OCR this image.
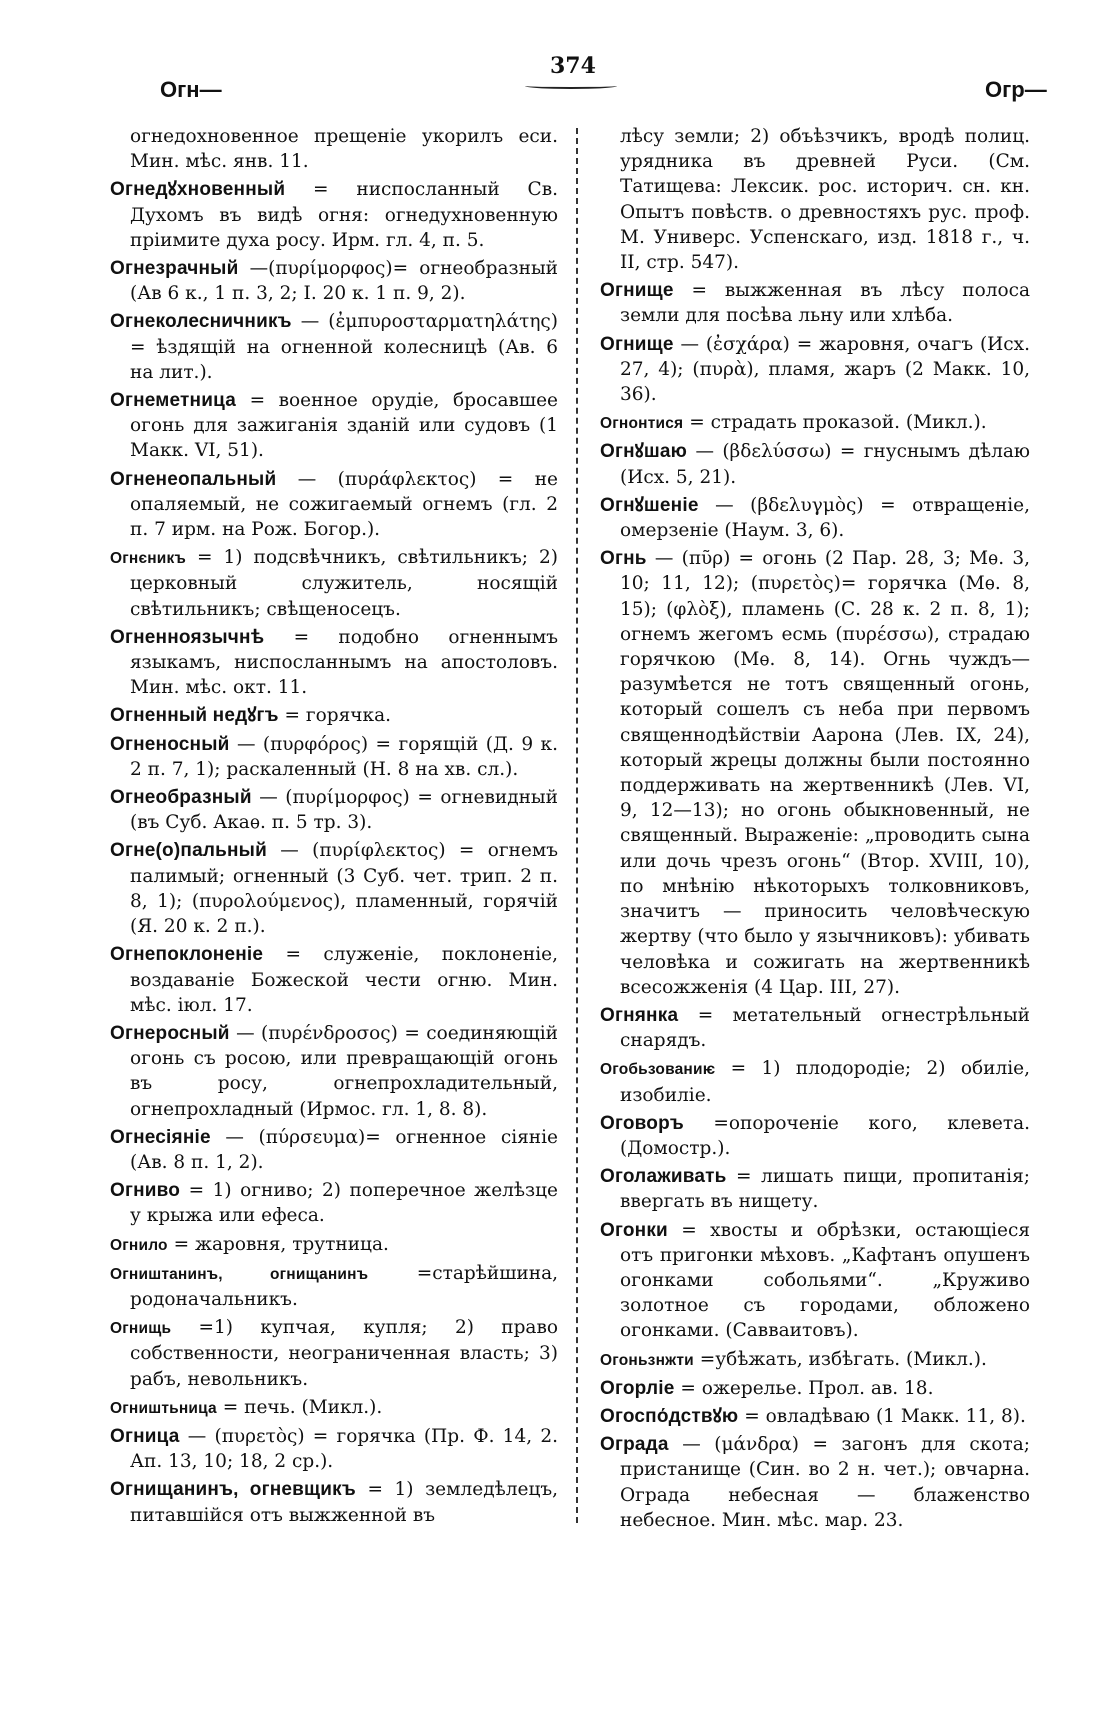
Огн—
374
Огр—

огнедохновенное прещеніе укорилъ еси. Мин. мѣс. янв. 11.

Огнедꙋхновенный = ниспосланный Св. Духомъ въ видѣ огня: огнедухновенную пріимите духа росу. Ирм. гл. 4, п. 5.

Огнезрачный —(πυρίμορφος)= огнеобразный (Ав 6 к., 1 п. 3, 2; І. 20 к. 1 п. 9, 2).

Огнеколесничникъ — (ἐμπυροσταρματηλάτης) = ѣздящій на огненной колесницѣ (Ав. 6 на лит.).

Огнеметница = военное орудіе, бросавшее огонь для зажиганія зданій или судовъ (1 Макк. VI, 51).

Огненеопальный — (πυράφλεκτος) = не опаляемый, не сожигаемый огнемъ (гл. 2 п. 7 ирм. на Рож. Богор.).

Огнєникъ = 1) подсвѣчникъ, свѣтильникъ; 2) церковный служитель, носящій свѣтильникъ; свѣщеносецъ.

Огненноязычнѣ = подобно огненнымъ языкамъ, ниспосланнымъ на апостоловъ. Мин. мѣс. окт. 11.

Огненный недꙋгъ = горячка.

Огненосный — (πυρφόρος) = горящій (Д. 9 к. 2 п. 7, 1); раскаленный (Н. 8 на хв. сл.).

Огнеобразный — (πυρίμορφος) = огневидный (въ Суб. Акаѳ. п. 5 тр. 3).

Огне(о)пальный — (πυρίφλεκτος) = огнемъ палимый; огненный (3 Суб. чет. трип. 2 п. 8, 1); (πυρολούμενος), пламенный, горячій (Я. 20 к. 2 п.).

Огнепоклоненіе = служеніе, поклоненіе, воздаваніе Божеской чести огню. Мин. мѣс. іюл. 17.

Огнеросный — (πυρένδροσος) = соединяющій огонь съ росою, или превращающій огонь въ росу, огнепрохладительный, огнепрохладный (Ирмос. гл. 1, 8. 8).

Огнесіяніе — (πύρσευμα)= огненное сіяніе (Ав. 8 п. 1, 2).

Огниво = 1) огниво; 2) поперечное желѣзце у крыжа или ефеса.

Огнило = жаровня, трутница.

Огништанинъ, огнищанинъ	=старѣйшина, родоначальникъ.

Огнищь =1) купчая, купля; 2) право собственности, неограниченная власть; 3) рабъ, невольникъ.

Огништьница = печь. (Микл.).

Огница — (πυρετὸς) = горячка (Пр. Ф. 14, 2. Ап. 13, 10; 18, 2 ср.).

Огнищанинъ, огневщикъ = 1) земледѣлецъ, питавшійся отъ выжженной въ

лѣсу земли; 2) объѣзчикъ, вродѣ полиц. урядника въ древней Руси. (См. Татищева: Лексик. рос. историч. сн. кн. Опытъ повѣств. о древностяхъ рус. проф. М. Универс. Успенскаго, изд. 1818 г., ч. II, стр. 547).

Огнище = выжженная въ лѣсу полоса земли для посѣва льну или хлѣба.

Огнище — (ἐσχάρα) = жаровня, очагъ (Исх. 27, 4); (πυρὰ), пламя, жаръ (2 Макк. 10, 36).

Огнонтися = страдать проказой. (Микл.).

Огнꙋшаю — (βδελύσσω) = гнуснымъ дѣлаю (Исх. 5, 21).

Огнꙋшеніе — (βδελυγμὸς) = отвращеніе, омерзеніе (Наум. 3, 6).

Огнь — (πῦρ) = огонь (2 Пар. 28, 3; Мѳ. 3, 10; 11, 12); (πυρετὸς)= горячка (Мѳ. 8, 15); (φλὸξ), пламень (С. 28 к. 2 п. 8, 1); огнемъ жегомъ есмь (πυρέσσω), страдаю горячкою (Мѳ. 8, 14). Огнь чуждъ—разумѣется не тотъ священный огонь, который сошелъ съ неба при первомъ священнодѣйствіи Аарона (Лев. IX, 24), который жрецы должны были постоянно поддерживать на жертвенникѣ (Лев. VI, 9, 12—13); но огонь обыкновенный, не священный. Выраженіе: „проводить сына или дочь чрезъ огонь“ (Втор. XVIII, 10), по мнѣнію нѣкоторыхъ толковниковъ, значитъ — приносить человѣческую жертву (что было у язычниковъ): убивать человѣка и сожигать на жертвенникѣ всесожженія (4 Цар. III, 27).

Огнянка = метательный огнестрѣльный снарядъ.

Огобьзованиѥ = 1) плодородіе; 2) обиліе, изобиліе.

Оговоръ =опороченіе кого, клевета. (Домостр.).

Оголаживать = лишать пищи, пропитанія; ввергать въ нищету.

Огонки = хвосты и обрѣзки, остающіеся отъ пригонки мѣховъ. „Кафтанъ опушенъ огонками собольями“. „Круживо золотное съ городами, обложено огонками. (Савваитовъ).

Огоньзнжти =убѣжать, избѣгать. (Микл.).

Огорліе = ожерелье. Прол. ав. 18.

Огоспόдствꙋю = овладѣваю (1 Макк. 11, 8).

Ограда — (μάνδρα) = загонъ для скота; пристанище (Син. во 2 н. чет.); овчарна. Ограда небесная — блаженство небесное. Мин. мѣс. мар. 23.
